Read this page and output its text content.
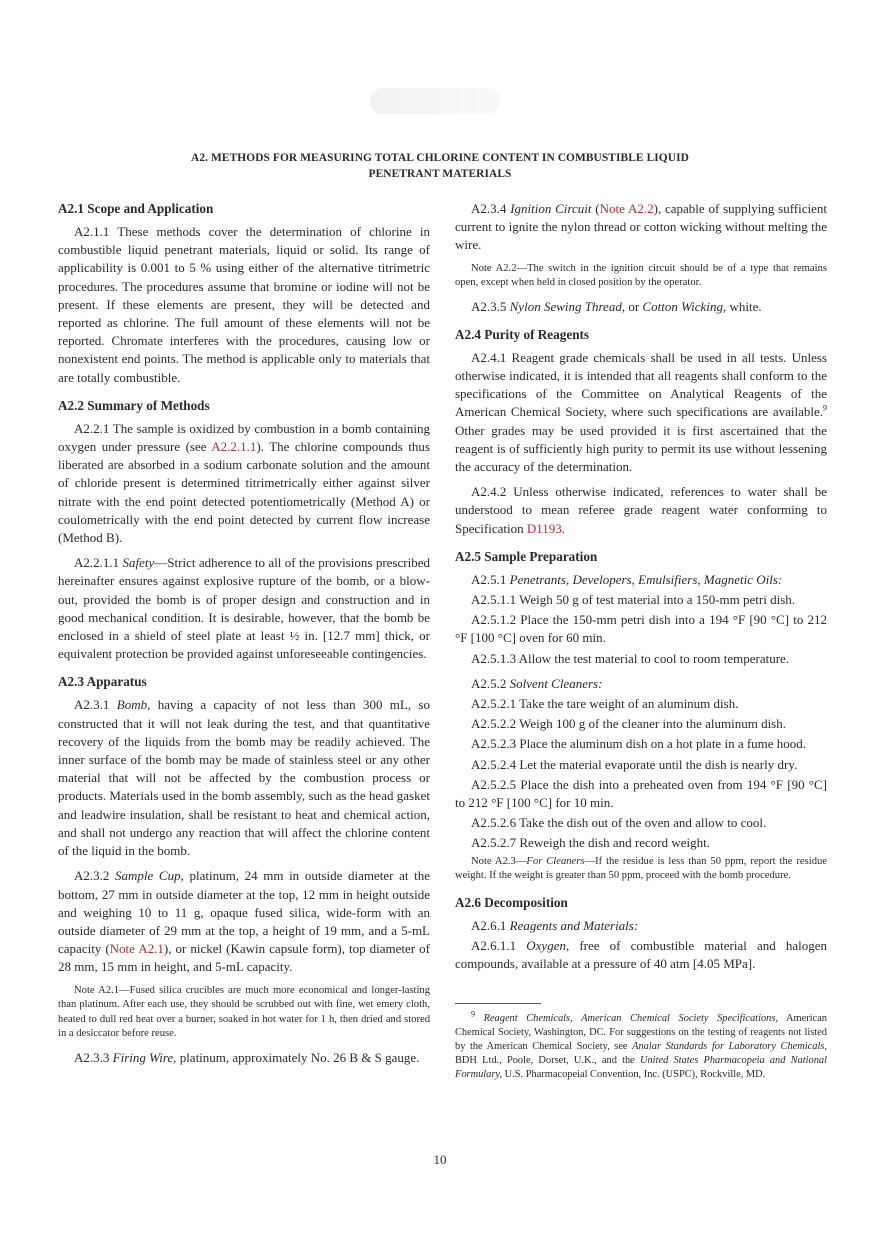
A2. METHODS FOR MEASURING TOTAL CHLORINE CONTENT IN COMBUSTIBLE LIQUID
PENETRANT MATERIALS
A2.1 Scope and Application

A2.1.1 These methods cover the determination of chlorine in combustible liquid penetrant materials, liquid or solid. Its range of applicability is 0.001 to 5 % using either of the alternative titrimetric procedures. The procedures assume that bromine or iodine will not be present. If these elements are present, they will be detected and reported as chlorine. The full amount of these elements will not be reported. Chromate interferes with the procedures, causing low or nonexistent end points. The method is applicable only to materials that are totally combustible.

A2.2 Summary of Methods

A2.2.1 The sample is oxidized by combustion in a bomb containing oxygen under pressure (see A2.2.1.1). The chlorine compounds thus liberated are absorbed in a sodium carbonate solution and the amount of chloride present is determined titrimetrically either against silver nitrate with the end point detected potentiometrically (Method A) or coulometrically with the end point detected by current flow increase (Method B).

A2.2.1.1 Safety—Strict adherence to all of the provisions prescribed hereinafter ensures against explosive rupture of the bomb, or a blow-out, provided the bomb is of proper design and construction and in good mechanical condition. It is desirable, however, that the bomb be enclosed in a shield of steel plate at least ½ in. [12.7 mm] thick, or equivalent protection be provided against unforeseeable contingencies.

A2.3 Apparatus

A2.3.1 Bomb, having a capacity of not less than 300 mL, so constructed that it will not leak during the test, and that quantitative recovery of the liquids from the bomb may be readily achieved. The inner surface of the bomb may be made of stainless steel or any other material that will not be affected by the combustion process or products. Materials used in the bomb assembly, such as the head gasket and leadwire insulation, shall be resistant to heat and chemical action, and shall not undergo any reaction that will affect the chlorine content of the liquid in the bomb.

A2.3.2 Sample Cup, platinum, 24 mm in outside diameter at the bottom, 27 mm in outside diameter at the top, 12 mm in height outside and weighing 10 to 11 g, opaque fused silica, wide-form with an outside diameter of 29 mm at the top, a height of 19 mm, and a 5-mL capacity (Note A2.1), or nickel (Kawin capsule form), top diameter of 28 mm, 15 mm in height, and 5-mL capacity.

Note A2.1—Fused silica crucibles are much more economical and longer-lasting than platinum. After each use, they should be scrubbed out with fine, wet emery cloth, heated to dull red heat over a burner, soaked in hot water for 1 h, then dried and stored in a desiccator before reuse.

A2.3.3 Firing Wire, platinum, approximately No. 26 B & S gauge.

A2.3.4 Ignition Circuit (Note A2.2), capable of supplying sufficient current to ignite the nylon thread or cotton wicking without melting the wire.

Note A2.2—The switch in the ignition circuit should be of a type that remains open, except when held in closed position by the operator.

A2.3.5 Nylon Sewing Thread, or Cotton Wicking, white.

A2.4 Purity of Reagents

A2.4.1 Reagent grade chemicals shall be used in all tests. Unless otherwise indicated, it is intended that all reagents shall conform to the specifications of the Committee on Analytical Reagents of the American Chemical Society, where such specifications are available.$^9$ Other grades may be used provided it is first ascertained that the reagent is of sufficiently high purity to permit its use without lessening the accuracy of the determination.

A2.4.2 Unless otherwise indicated, references to water shall be understood to mean referee grade reagent water conforming to Specification D1193.

A2.5 Sample Preparation

A2.5.1 Penetrants, Developers, Emulsifiers, Magnetic Oils:

A2.5.1.1 Weigh 50 g of test material into a 150-mm petri dish.

A2.5.1.2 Place the 150-mm petri dish into a 194 °F [90 °C] to 212 °F [100 °C] oven for 60 min.

A2.5.1.3 Allow the test material to cool to room temperature.

A2.5.2 Solvent Cleaners:

A2.5.2.1 Take the tare weight of an aluminum dish.

A2.5.2.2 Weigh 100 g of the cleaner into the aluminum dish.

A2.5.2.3 Place the aluminum dish on a hot plate in a fume hood.

A2.5.2.4 Let the material evaporate until the dish is nearly dry.

A2.5.2.5 Place the dish into a preheated oven from 194 °F [90 °C] to 212 °F [100 °C] for 10 min.

A2.5.2.6 Take the dish out of the oven and allow to cool.

A2.5.2.7 Reweigh the dish and record weight.

Note A2.3—For Cleaners—If the residue is less than 50 ppm, report the residue weight. If the weight is greater than 50 ppm, proceed with the bomb procedure.
A2.6 Decomposition

A2.6.1 Reagents and Materials:

A2.6.1.1 Oxygen, free of combustible material and halogen compounds, available at a pressure of 40 atm [4.05 MPa].

$^9$ Reagent Chemicals, American Chemical Society Specifications, American Chemical Society, Washington, DC. For suggestions on the testing of reagents not listed by the American Chemical Society, see Analar Standards for Laboratory Chemicals, BDH Ltd., Poole, Dorset, U.K., and the United States Pharmacopeia and National Formulary, U.S. Pharmacopeial Convention, Inc. (USPC), Rockville, MD.

10
